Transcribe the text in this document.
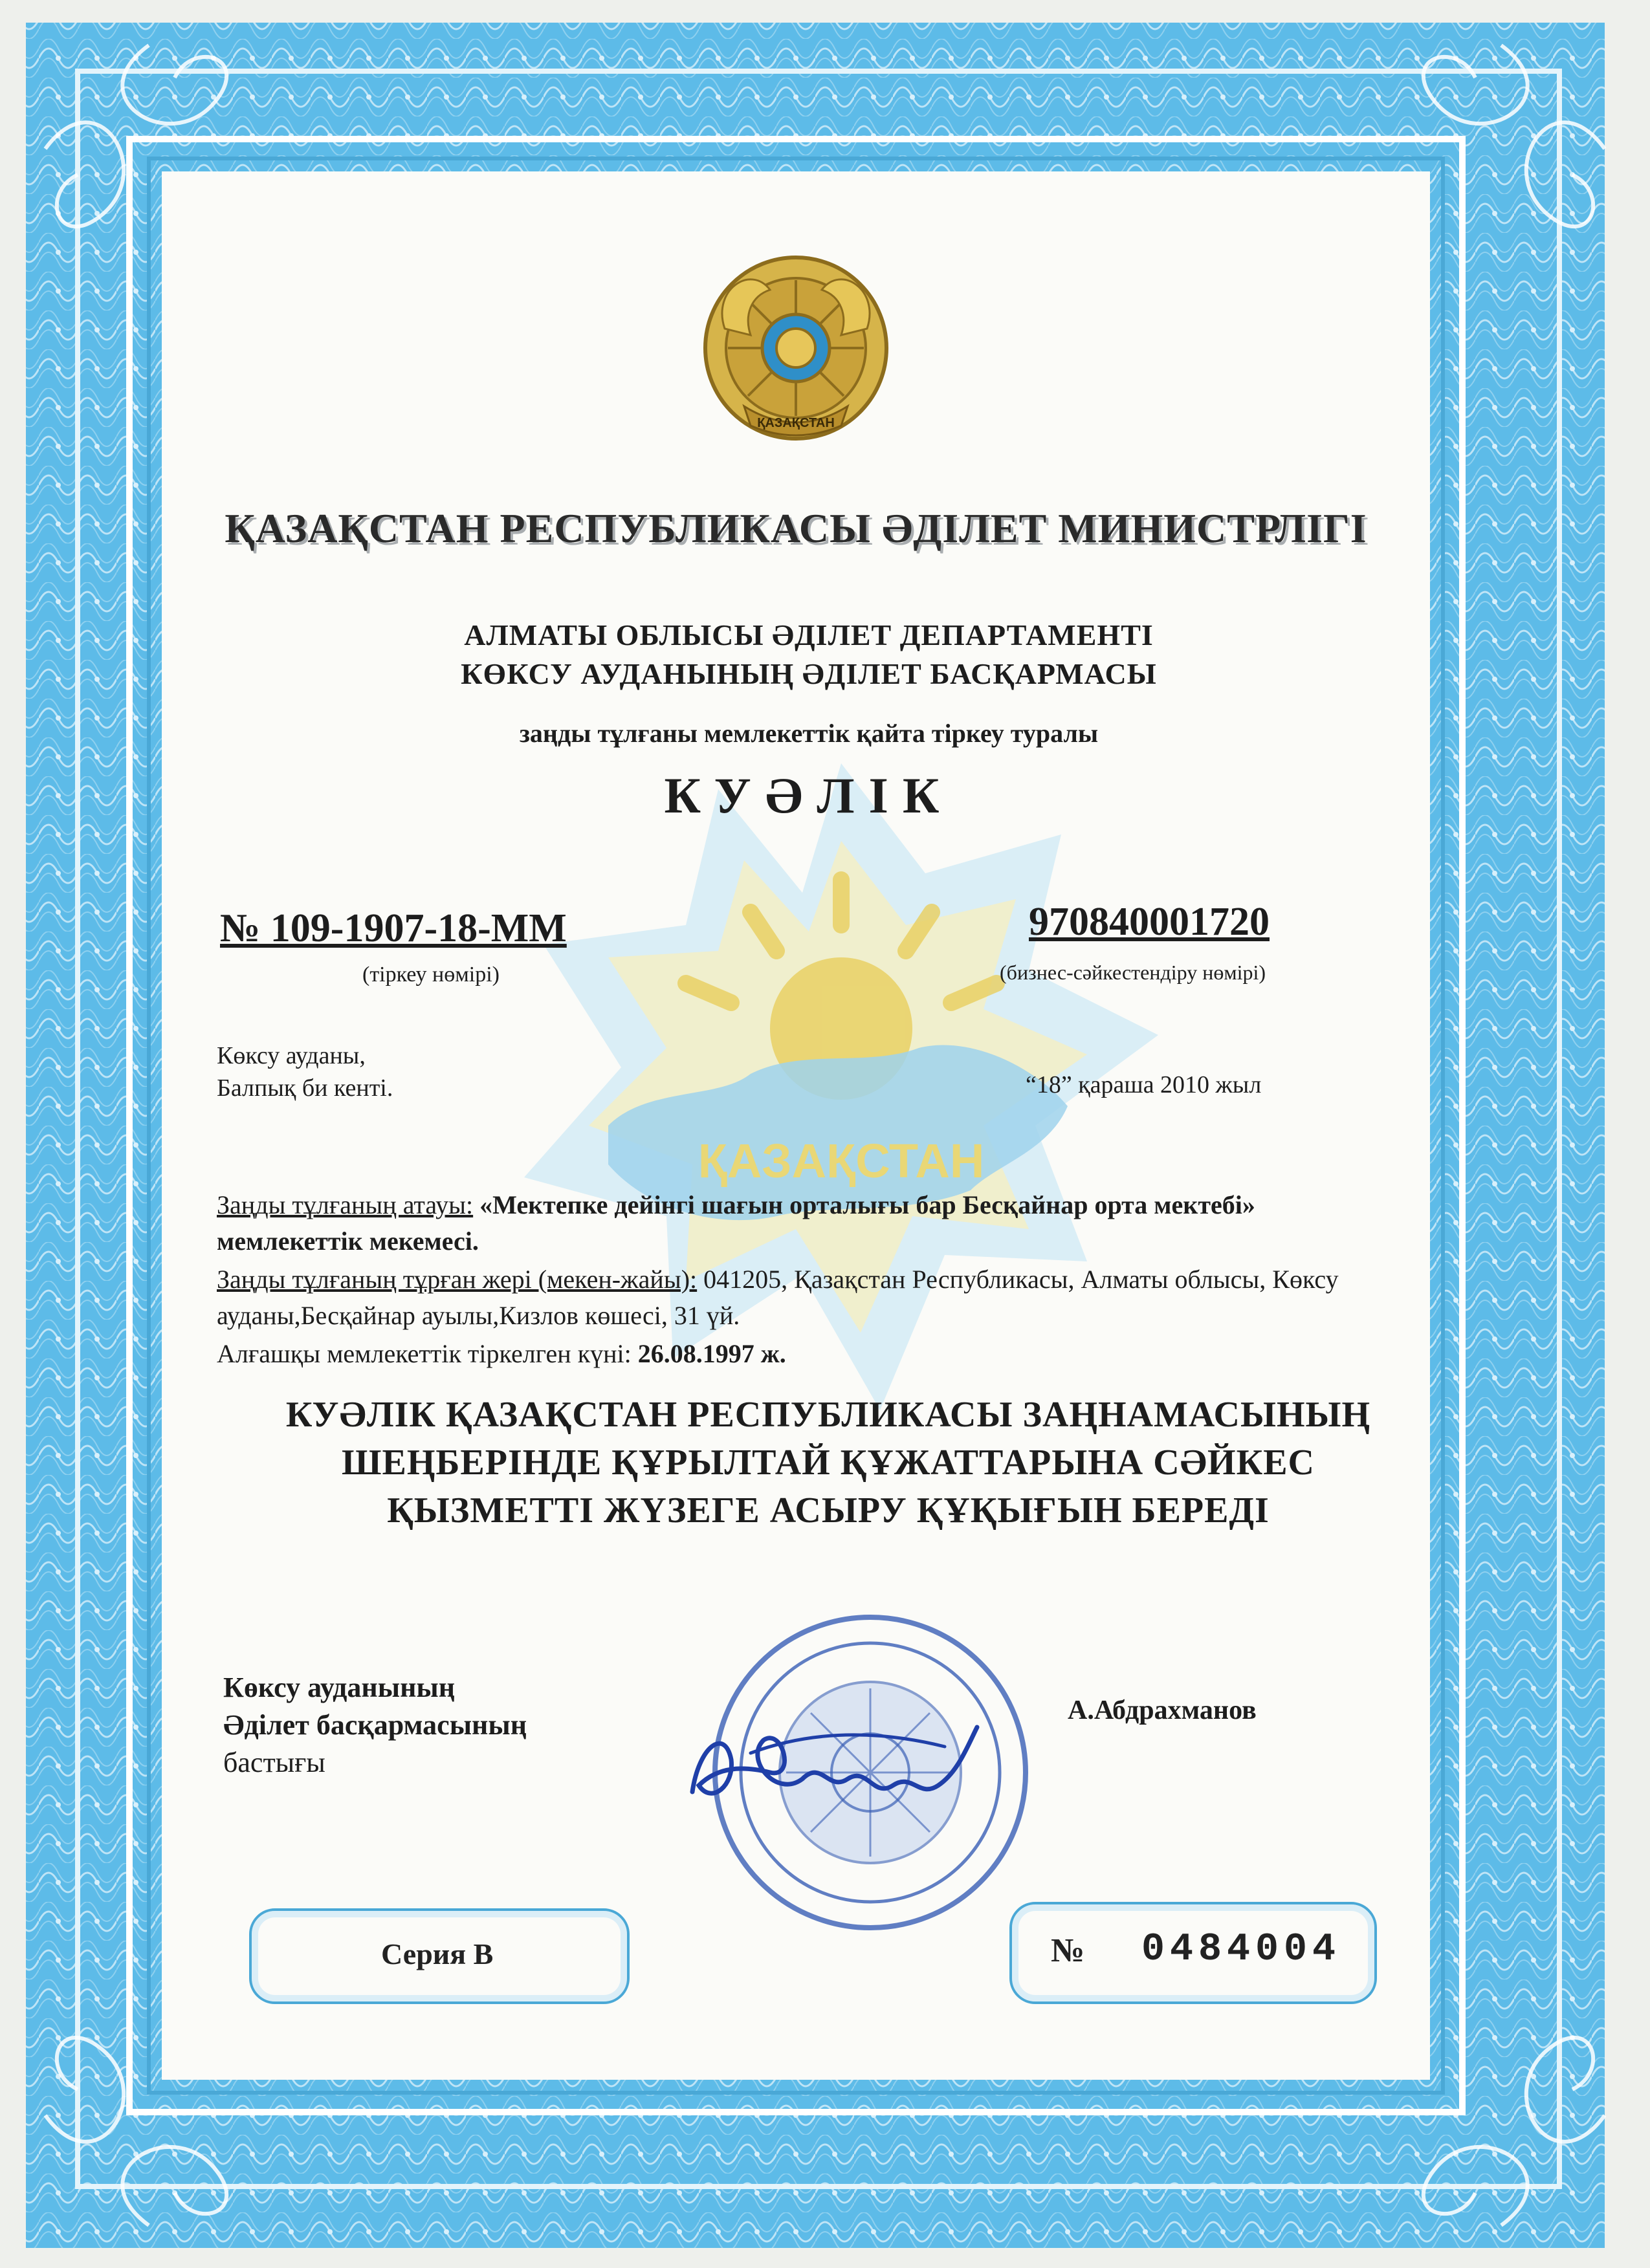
ҚАЗАҚСТАН
ҚАЗАҚСТАН
ҚАЗАҚСТАН РЕСПУБЛИКАСЫ ӘДІЛЕТ МИНИСТРЛІГІ
АЛМАТЫ ОБЛЫСЫ ӘДІЛЕТ ДЕПАРТАМЕНТІ
КӨКСУ АУДАНЫНЫҢ ӘДІЛЕТ БАСҚАРМАСЫ
заңды тұлғаны мемлекеттік қайта тіркеу туралы
КУӘЛІК
№ 109-1907-18-ММ
(тіркеу нөмірі)
970840001720
(бизнес-сәйкестендіру нөмірі)
Көксу ауданы,
Балпық би кенті.	“18” қараша 2010 жыл
Заңды тұлғаның атауы: «Мектепке дейінгі шағын орталығы бар Бесқайнар орта мектебі» мемлекеттік мекемесі.
Заңды тұлғаның тұрған жері (мекен-жайы): 041205, Қазақстан Республикасы, Алматы облысы, Көксу ауданы,Бесқайнар ауылы,Кизлов көшесі, 31 үй.
Алғашқы мемлекеттік тіркелген күні: 26.08.1997 ж.
КУӘЛІК ҚАЗАҚСТАН РЕСПУБЛИКАСЫ ЗАҢНАМАСЫНЫҢ
ШЕҢБЕРІНДЕ ҚҰРЫЛТАЙ ҚҰЖАТТАРЫНА СӘЙКЕС
ҚЫЗМЕТТІ ЖҮЗЕГЕ АСЫРУ ҚҰҚЫҒЫН БЕРЕДІ
Көксу ауданының
Әділет басқармасының
бастығы
А.Абдрахманов
Серия В	№ 0484004
